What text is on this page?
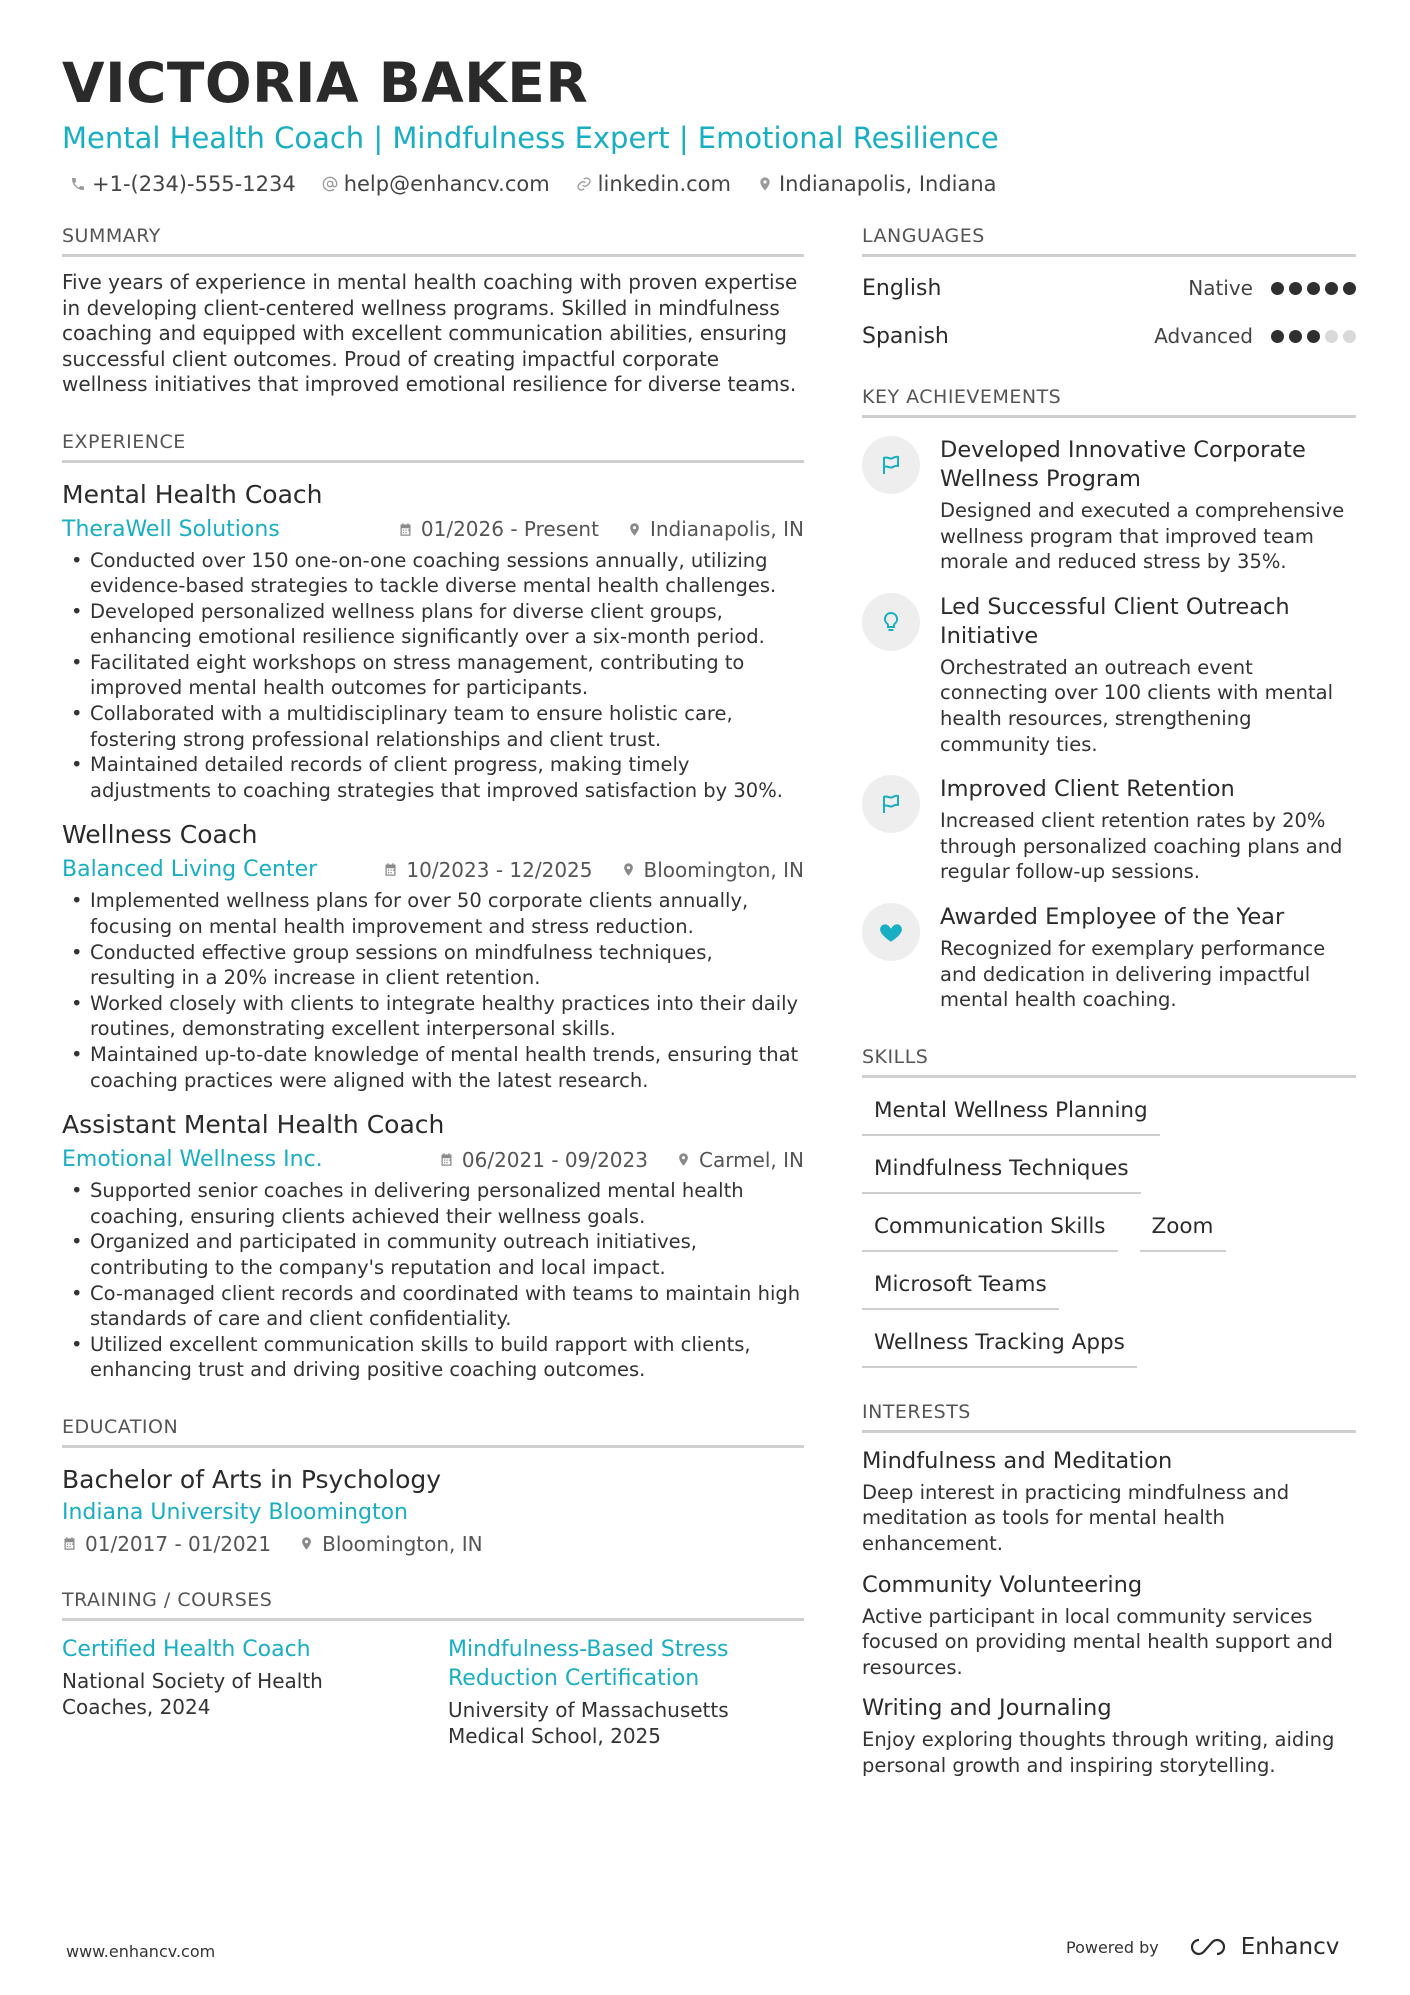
VICTORIA BAKER
Mental Health Coach | Mindfulness Expert | Emotional Resilience
+1-(234)-555-1234 help@enhancv.com linkedin.com Indianapolis, Indiana
SUMMARY
Five years of experience in mental health coaching with proven expertise in developing client-centered wellness programs. Skilled in mindfulness coaching and equipped with excellent communication abilities, ensuring successful client outcomes. Proud of creating impactful corporate wellness initiatives that improved emotional resilience for diverse teams.
EXPERIENCE
Mental Health Coach
TheraWell Solutions	01/2026 - Present	Indianapolis, IN
• Conducted over 150 one-on-one coaching sessions annually, utilizing evidence-based strategies to tackle diverse mental health challenges.
• Developed personalized wellness plans for diverse client groups, enhancing emotional resilience significantly over a six-month period.
• Facilitated eight workshops on stress management, contributing to improved mental health outcomes for participants.
• Collaborated with a multidisciplinary team to ensure holistic care, fostering strong professional relationships and client trust.
• Maintained detailed records of client progress, making timely adjustments to coaching strategies that improved satisfaction by 30%.
Wellness Coach
Balanced Living Center	10/2023 - 12/2025	Bloomington, IN
• Implemented wellness plans for over 50 corporate clients annually, focusing on mental health improvement and stress reduction.
• Conducted effective group sessions on mindfulness techniques, resulting in a 20% increase in client retention.
• Worked closely with clients to integrate healthy practices into their daily routines, demonstrating excellent interpersonal skills.
• Maintained up-to-date knowledge of mental health trends, ensuring that coaching practices were aligned with the latest research.
Assistant Mental Health Coach
Emotional Wellness Inc.	06/2021 - 09/2023	Carmel, IN
• Supported senior coaches in delivering personalized mental health coaching, ensuring clients achieved their wellness goals.
• Organized and participated in community outreach initiatives, contributing to the company's reputation and local impact.
• Co-managed client records and coordinated with teams to maintain high standards of care and client confidentiality.
• Utilized excellent communication skills to build rapport with clients, enhancing trust and driving positive coaching outcomes.
EDUCATION
Bachelor of Arts in Psychology
Indiana University Bloomington
01/2017 - 01/2021	Bloomington, IN
TRAINING / COURSES
Certified Health Coach
National Society of Health Coaches, 2024
Mindfulness-Based Stress Reduction Certification
University of Massachusetts Medical School, 2025
LANGUAGES
English	Native
Spanish	Advanced
KEY ACHIEVEMENTS
Developed Innovative Corporate Wellness Program
Designed and executed a comprehensive wellness program that improved team morale and reduced stress by 35%.
Led Successful Client Outreach Initiative
Orchestrated an outreach event connecting over 100 clients with mental health resources, strengthening community ties.
Improved Client Retention
Increased client retention rates by 20% through personalized coaching plans and regular follow-up sessions.
Awarded Employee of the Year
Recognized for exemplary performance and dedication in delivering impactful mental health coaching.
SKILLS
Mental Wellness Planning
Mindfulness Techniques
Communication Skills	Zoom
Microsoft Teams
Wellness Tracking Apps
INTERESTS
Mindfulness and Meditation
Deep interest in practicing mindfulness and meditation as tools for mental health enhancement.
Community Volunteering
Active participant in local community services focused on providing mental health support and resources.
Writing and Journaling
Enjoy exploring thoughts through writing, aiding personal growth and inspiring storytelling.
www.enhancv.com	Powered by	Enhancv
